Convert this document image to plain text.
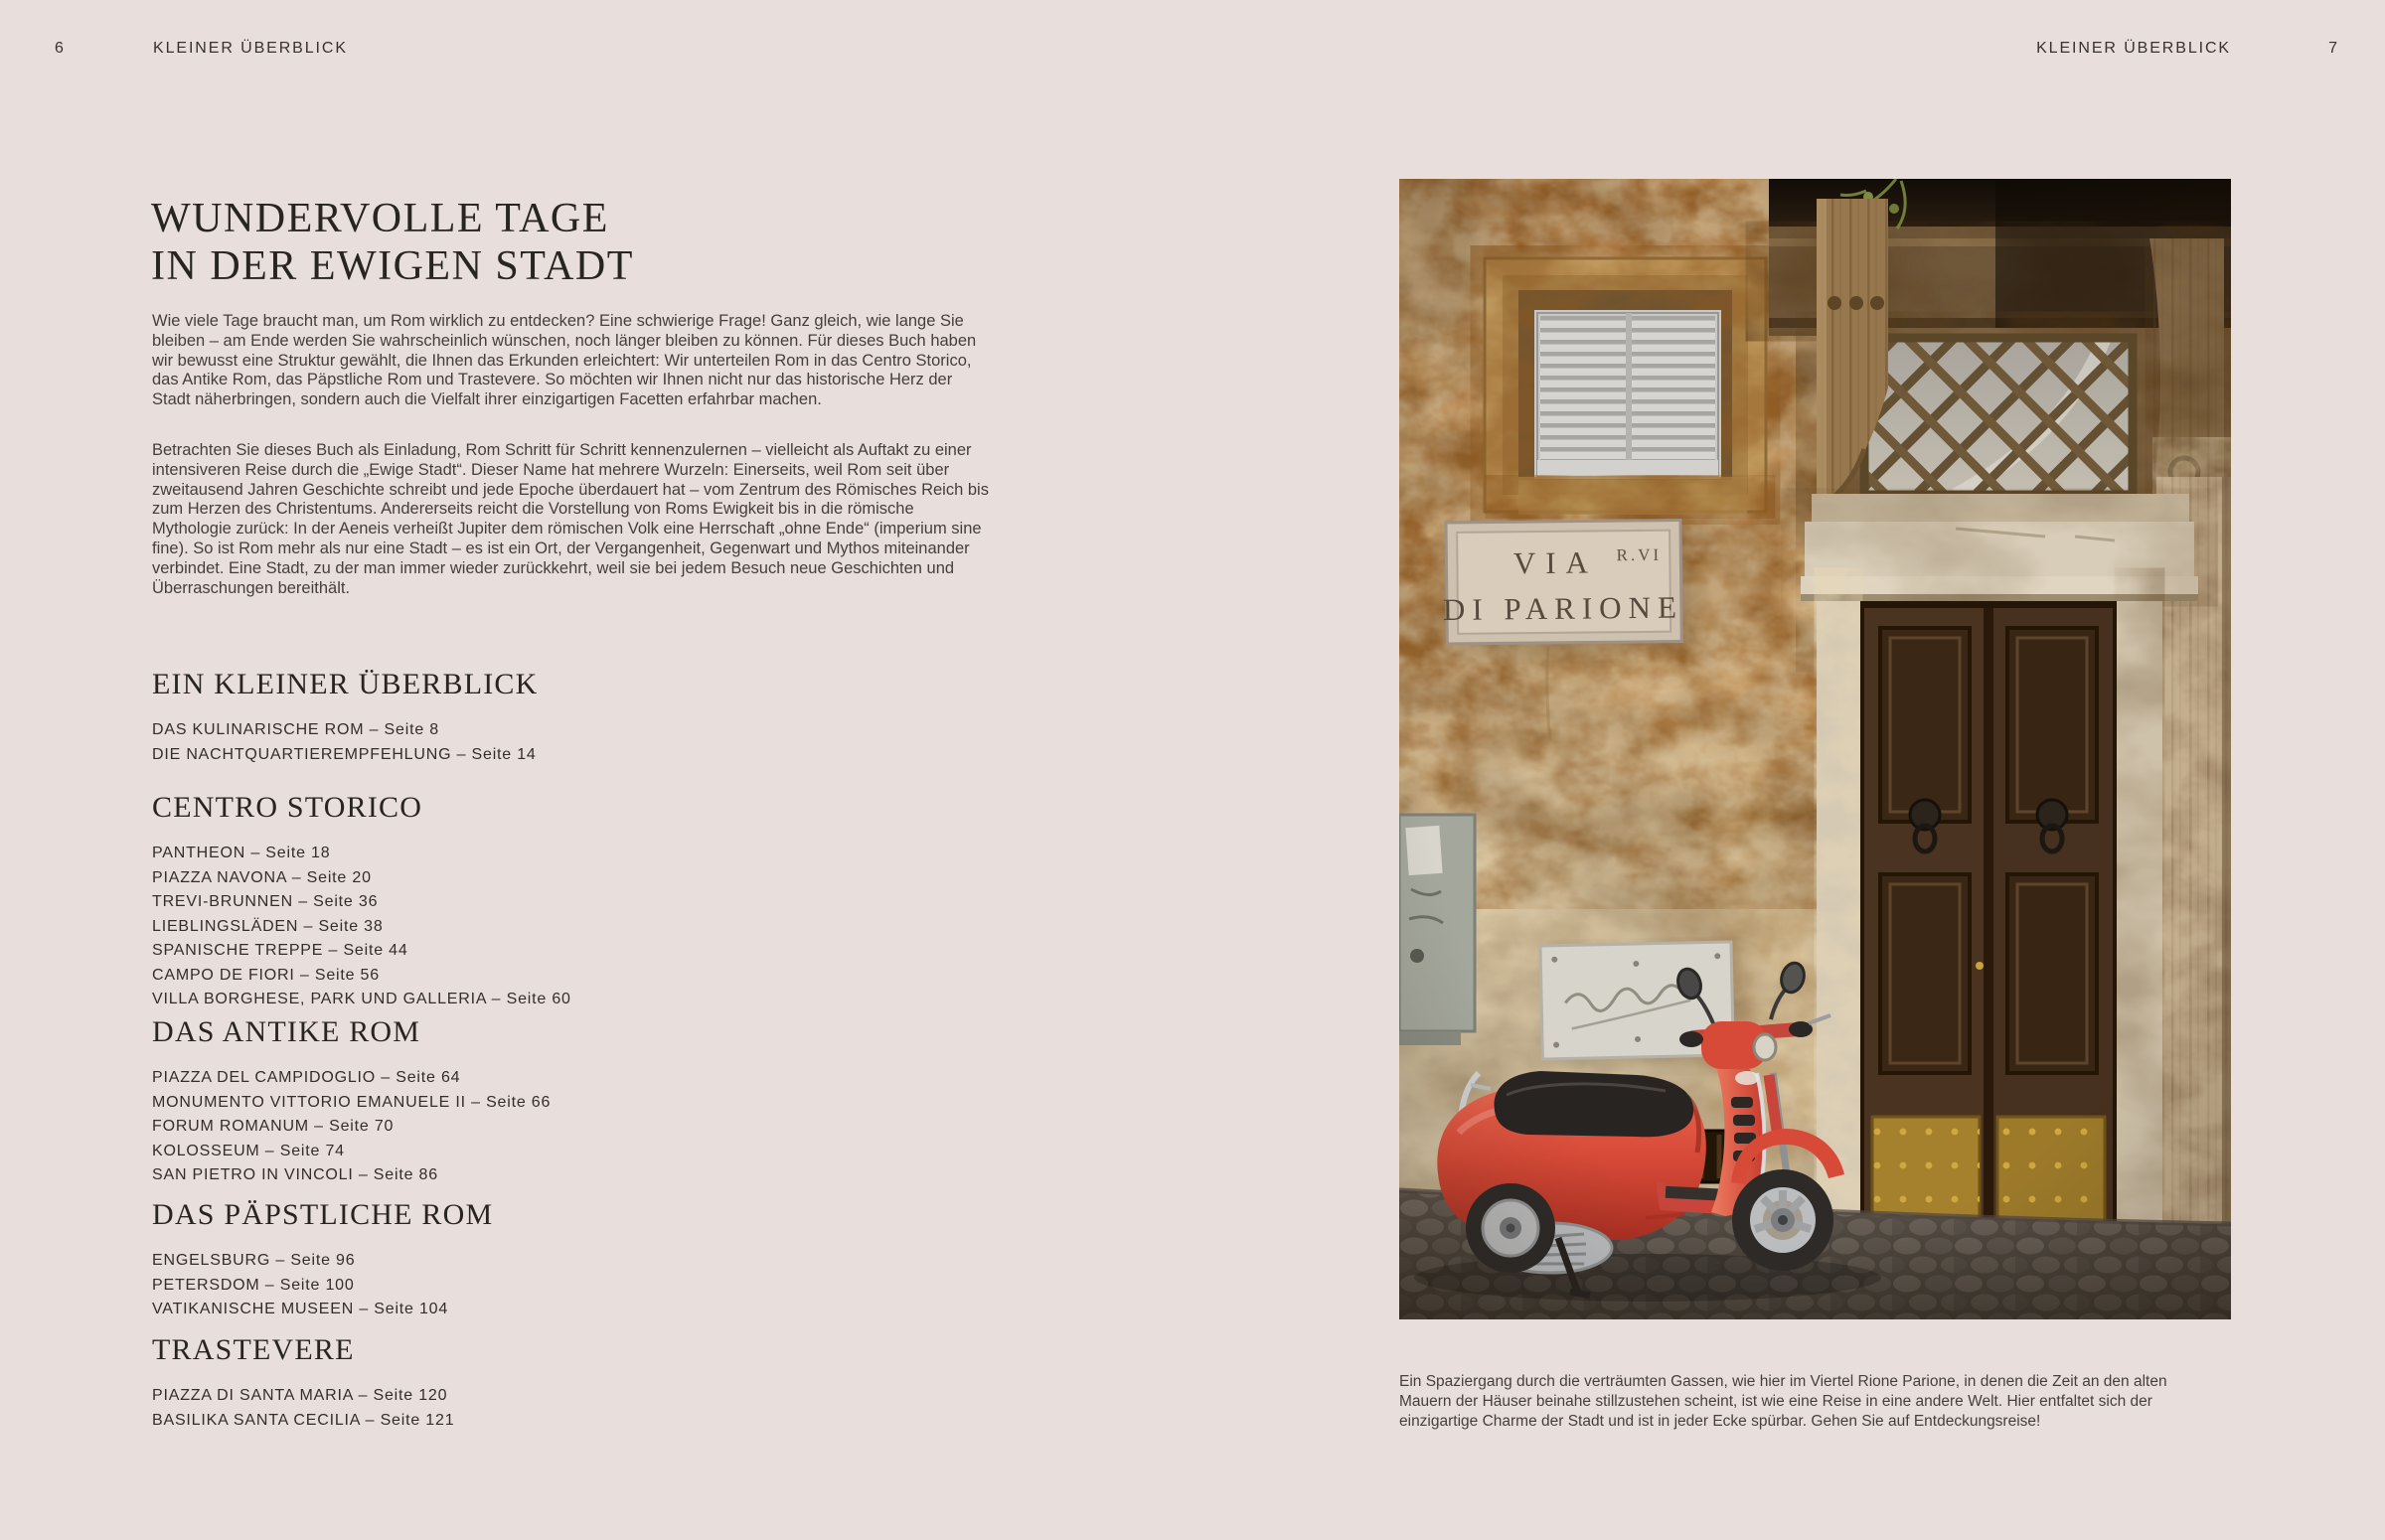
6	KLEINER ÜBERBLICK
WUNDERVOLLE TAGE
IN DER EWIGEN STADT

Wie viele Tage braucht man, um Rom wirklich zu entdecken? Eine schwierige Frage! Ganz gleich, wie lange Sie bleiben – am Ende werden Sie wahrscheinlich wünschen, noch länger bleiben zu können. Für dieses Buch haben wir bewusst eine Struktur gewählt, die Ihnen das Erkunden erleichtert: Wir unterteilen Rom in das Centro Storico, das Antike Rom, das Päpstliche Rom und Trastevere. So möchten wir Ihnen nicht nur das historische Herz der Stadt näherbringen, sondern auch die Vielfalt ihrer einzigartigen Facetten erfahrbar machen.

Betrachten Sie dieses Buch als Einladung, Rom Schritt für Schritt kennenzulernen – vielleicht als Auftakt zu einer intensiveren Reise durch die „Ewige Stadt“. Dieser Name hat mehrere Wurzeln: Einerseits, weil Rom seit über zweitausend Jahren Geschichte schreibt und jede Epoche überdauert hat – vom Zentrum des Römisches Reich bis zum Herzen des Christentums. Andererseits reicht die Vorstellung von Roms Ewigkeit bis in die römische Mythologie zurück: In der Aeneis verheißt Jupiter dem römischen Volk eine Herrschaft „ohne Ende“ (imperium sine fine). So ist Rom mehr als nur eine Stadt – es ist ein Ort, der Vergangenheit, Gegenwart und Mythos miteinander verbindet. Eine Stadt, zu der man immer wieder zurückkehrt, weil sie bei jedem Besuch neue Geschichten und Überraschungen bereithält.

EIN KLEINER ÜBERBLICK
DAS KULINARISCHE ROM – Seite 8
DIE NACHTQUARTIEREMPFEHLUNG – Seite 14
CENTRO STORICO
PANTHEON – Seite 18
PIAZZA NAVONA – Seite 20
TREVI-BRUNNEN – Seite 36
LIEBLINGSLÄDEN – Seite 38
SPANISCHE TREPPE – Seite 44
CAMPO DE FIORI – Seite 56
VILLA BORGHESE, PARK UND GALLERIA – Seite 60
DAS ANTIKE ROM
PIAZZA DEL CAMPIDOGLIO – Seite 64
MONUMENTO VITTORIO EMANUELE II – Seite 66
FORUM ROMANUM – Seite 70
KOLOSSEUM – Seite 74
SAN PIETRO IN VINCOLI – Seite 86
DAS PÄPSTLICHE ROM
ENGELSBURG – Seite 96
PETERSDOM – Seite 100
VATIKANISCHE MUSEEN – Seite 104
TRASTEVERE
PIAZZA DI SANTA MARIA – Seite 120
BASILIKA SANTA CECILIA – Seite 121
KLEINER ÜBERBLICK	7

Ein Spaziergang durch die verträumten Gassen, wie hier im Viertel Rione Parione, in denen die Zeit an den alten Mauern der Häuser beinahe stillzustehen scheint, ist wie eine Reise in eine andere Welt. Hier entfaltet sich der einzigartige Charme der Stadt und ist in jeder Ecke spürbar. Gehen Sie auf Entdeckungsreise!
